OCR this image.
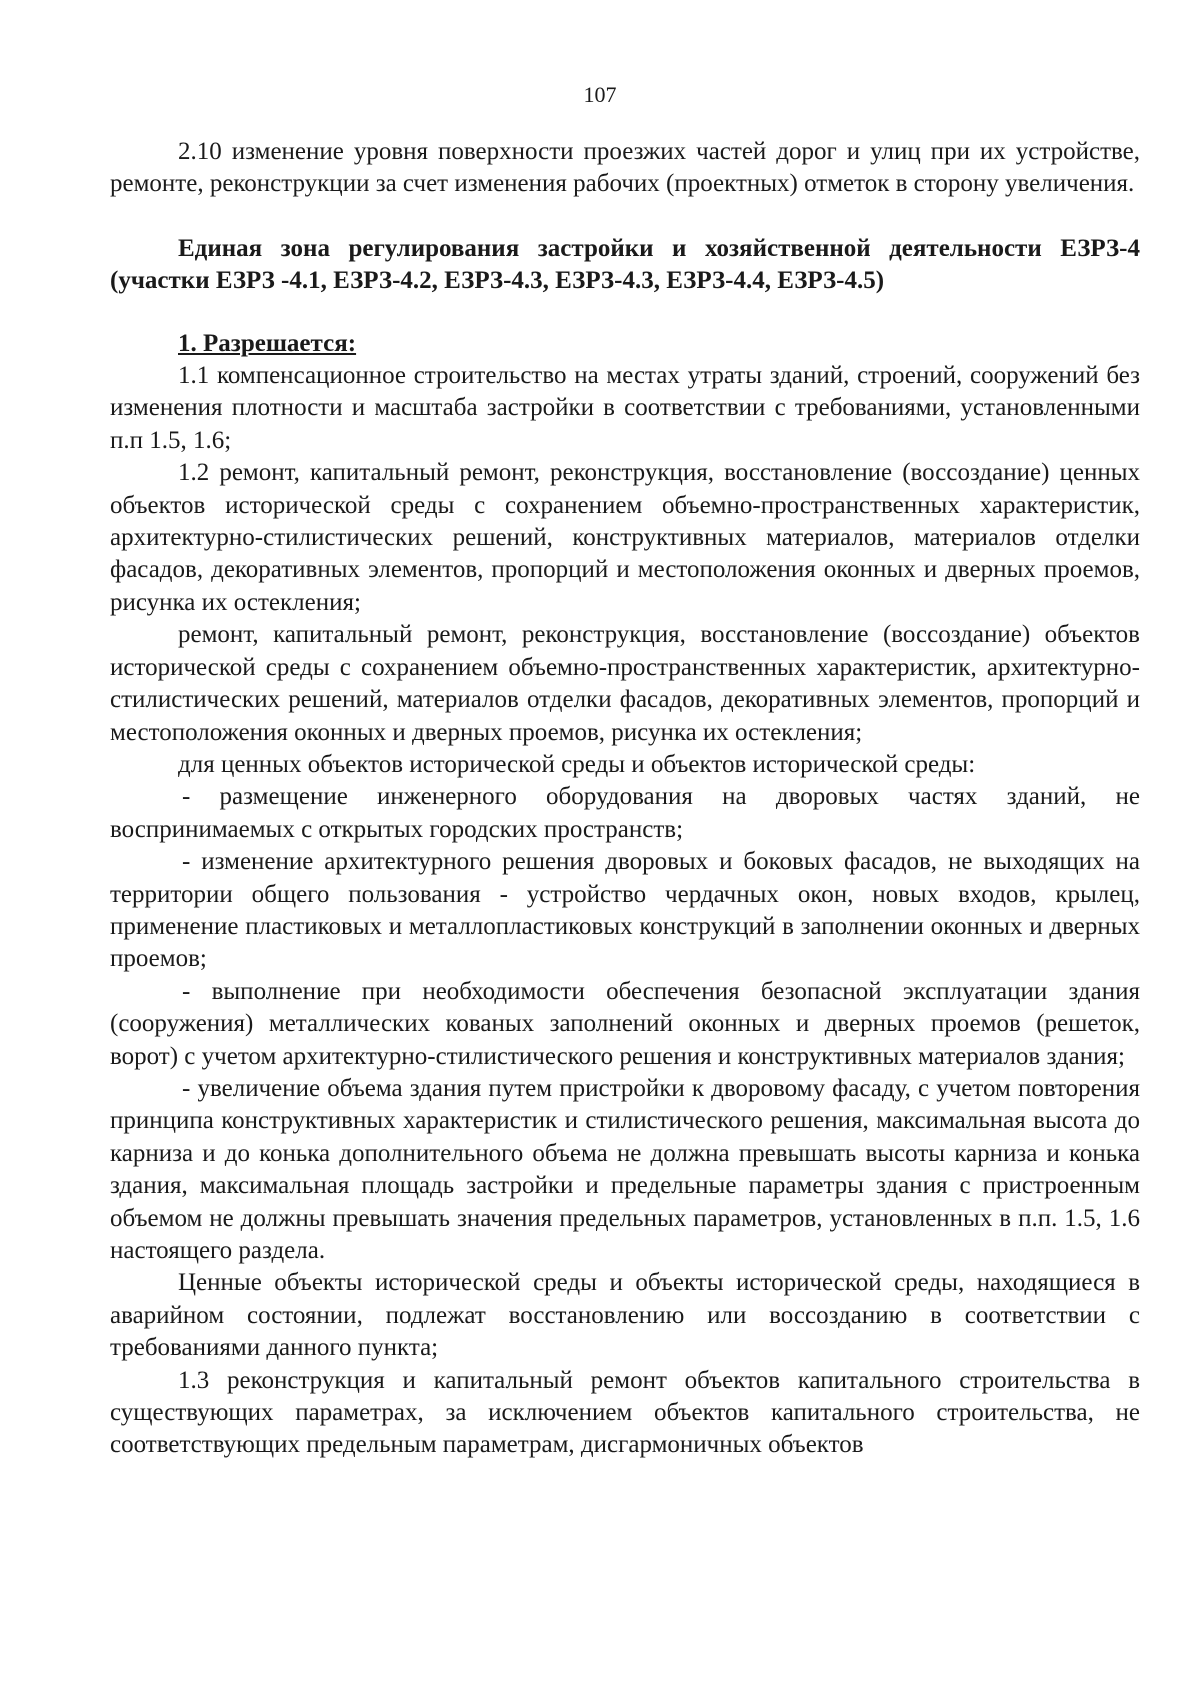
107

2.10 изменение уровня поверхности проезжих частей дорог и улиц при их устройстве, ремонте, реконструкции за счет изменения рабочих (проектных) отметок в сторону увеличения.

Единая зона регулирования застройки и хозяйственной деятельности ЕЗРЗ-4 (участки ЕЗРЗ -4.1, ЕЗРЗ-4.2, ЕЗРЗ-4.3, ЕЗРЗ-4.3, ЕЗРЗ-4.4, ЕЗРЗ-4.5)

1. Разрешается:

1.1 компенсационное строительство на местах утраты зданий, строений, сооружений без изменения плотности и масштаба застройки в соответствии с требованиями, установленными п.п 1.5, 1.6;

1.2 ремонт, капитальный ремонт, реконструкция, восстановление (воссоздание) ценных объектов исторической среды с сохранением объемно-пространственных характеристик, архитектурно-стилистических решений, конструктивных материалов, материалов отделки фасадов, декоративных элементов, пропорций и местоположения оконных и дверных проемов, рисунка их остекления;

ремонт, капитальный ремонт, реконструкция, восстановление (воссоздание) объектов исторической среды с сохранением объемно-пространственных характеристик, архитектурно-стилистических решений, материалов отделки фасадов, декоративных элементов, пропорций и местоположения оконных и дверных проемов, рисунка их остекления;

для ценных объектов исторической среды и объектов исторической среды:

- размещение инженерного оборудования на дворовых частях зданий, не воспринимаемых с открытых городских пространств;

- изменение архитектурного решения дворовых и боковых фасадов, не выходящих на территории общего пользования - устройство чердачных окон, новых входов, крылец, применение пластиковых и металлопластиковых конструкций в заполнении оконных и дверных проемов;

- выполнение при необходимости обеспечения безопасной эксплуатации здания (сооружения) металлических кованых заполнений оконных и дверных проемов (решеток, ворот) с учетом архитектурно-стилистического решения и конструктивных материалов здания;

- увеличение объема здания путем пристройки к дворовому фасаду, с учетом повторения принципа конструктивных характеристик и стилистического решения, максимальная высота до карниза и до конька дополнительного объема не должна превышать высоты карниза и конька здания, максимальная площадь застройки и предельные параметры здания с пристроенным объемом не должны превышать значения предельных параметров, установленных в п.п. 1.5, 1.6 настоящего раздела.

Ценные объекты исторической среды и объекты исторической среды, находящиеся в аварийном состоянии, подлежат восстановлению или воссозданию в соответствии с требованиями данного пункта;

1.3 реконструкция и капитальный ремонт объектов капитального строительства в существующих параметрах, за исключением объектов капитального строительства, не соответствующих предельным параметрам, дисгармоничных объектов
